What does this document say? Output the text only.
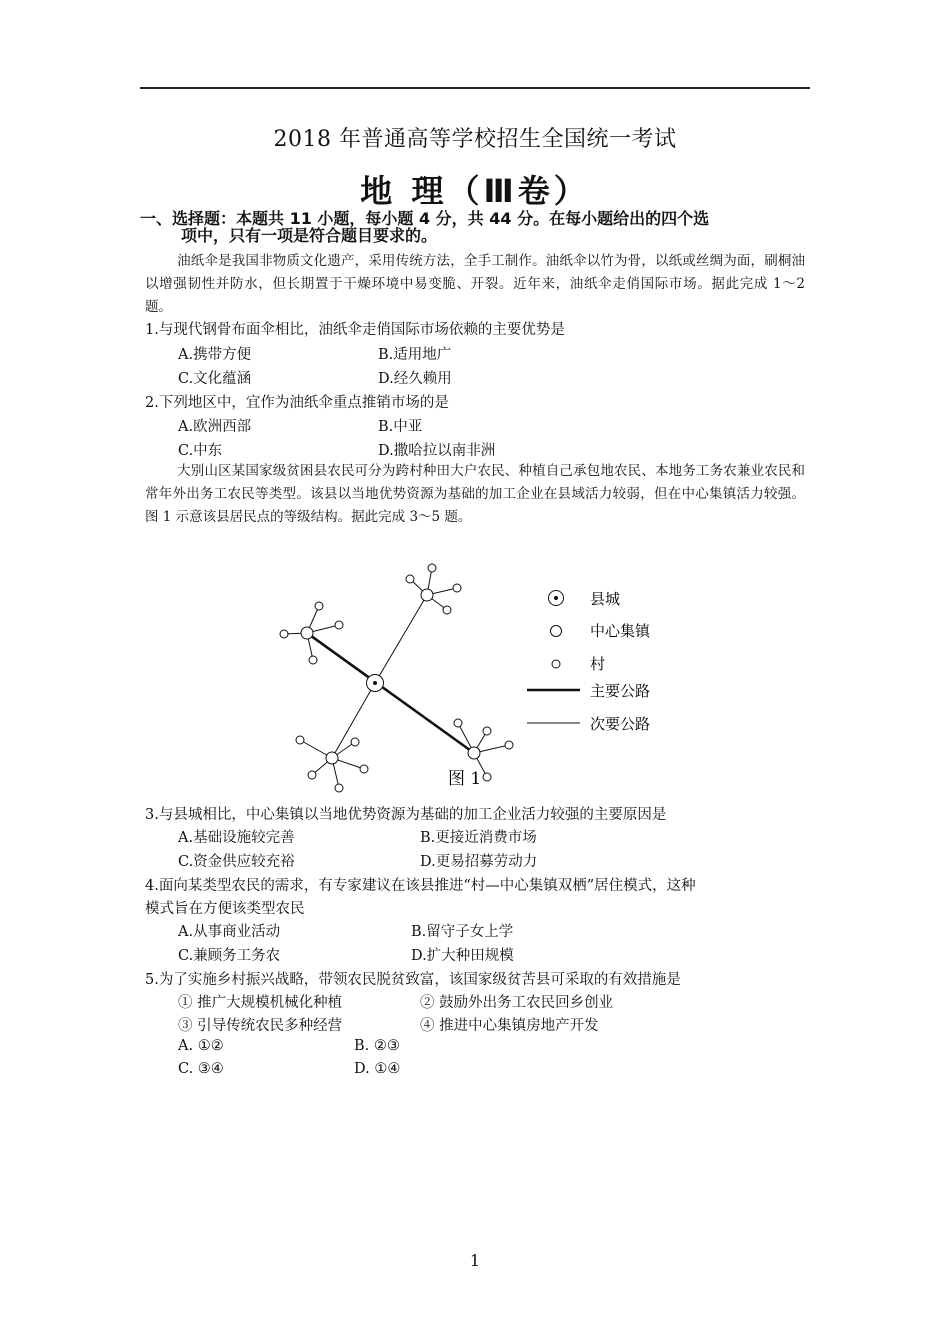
2018 年普通高等学校招生全国统一考试
地 理（Ⅲ卷）
一、选择题：本题共 11 小题，每小题 4 分，共 44 分。在每小题给出的四个选
项中，只有一项是符合题目要求的。
油纸伞是我国非物质文化遗产，采用传统方法，全手工制作。油纸伞以竹为骨，以纸或丝绸为面，刷桐油以增强韧性并防水，但长期置于干燥环境中易变脆、开裂。近年来，油纸伞走俏国际市场。据此完成 1～2 题。
1.与现代钢骨布面伞相比，油纸伞走俏国际市场依赖的主要优势是
A.携带方便	B.适用地广
C.文化蕴涵	D.经久赖用
2.下列地区中，宜作为油纸伞重点推销市场的是
A.欧洲西部	B.中亚
C.中东	D.撒哈拉以南非洲
大别山区某国家级贫困县农民可分为跨村种田大户农民、种植自己承包地农民、本地务工务农兼业农民和常年外出务工农民等类型。该县以当地优势资源为基础的加工企业在县域活力较弱，但在中心集镇活力较强。图 1 示意该县居民点的等级结构。据此完成 3～5 题。
县城
中心集镇
村
主要公路
次要公路
图 1
3.与县城相比，中心集镇以当地优势资源为基础的加工企业活力较强的主要原因是
A.基础设施较完善	B.更接近消费市场
C.资金供应较充裕	D.更易招募劳动力
4.面向某类型农民的需求，有专家建议在该县推进“村—中心集镇双栖”居住模式，这种
模式旨在方便该类型农民
A.从事商业活动	B.留守子女上学
C.兼顾务工务农	D.扩大种田规模
5.为了实施乡村振兴战略，带领农民脱贫致富，该国家级贫苦县可采取的有效措施是
① 推广大规模机械化种植	② 鼓励外出务工农民回乡创业
③ 引导传统农民多种经营	④ 推进中心集镇房地产开发
A. ①②	B. ②③
C. ③④	D. ①④
1
